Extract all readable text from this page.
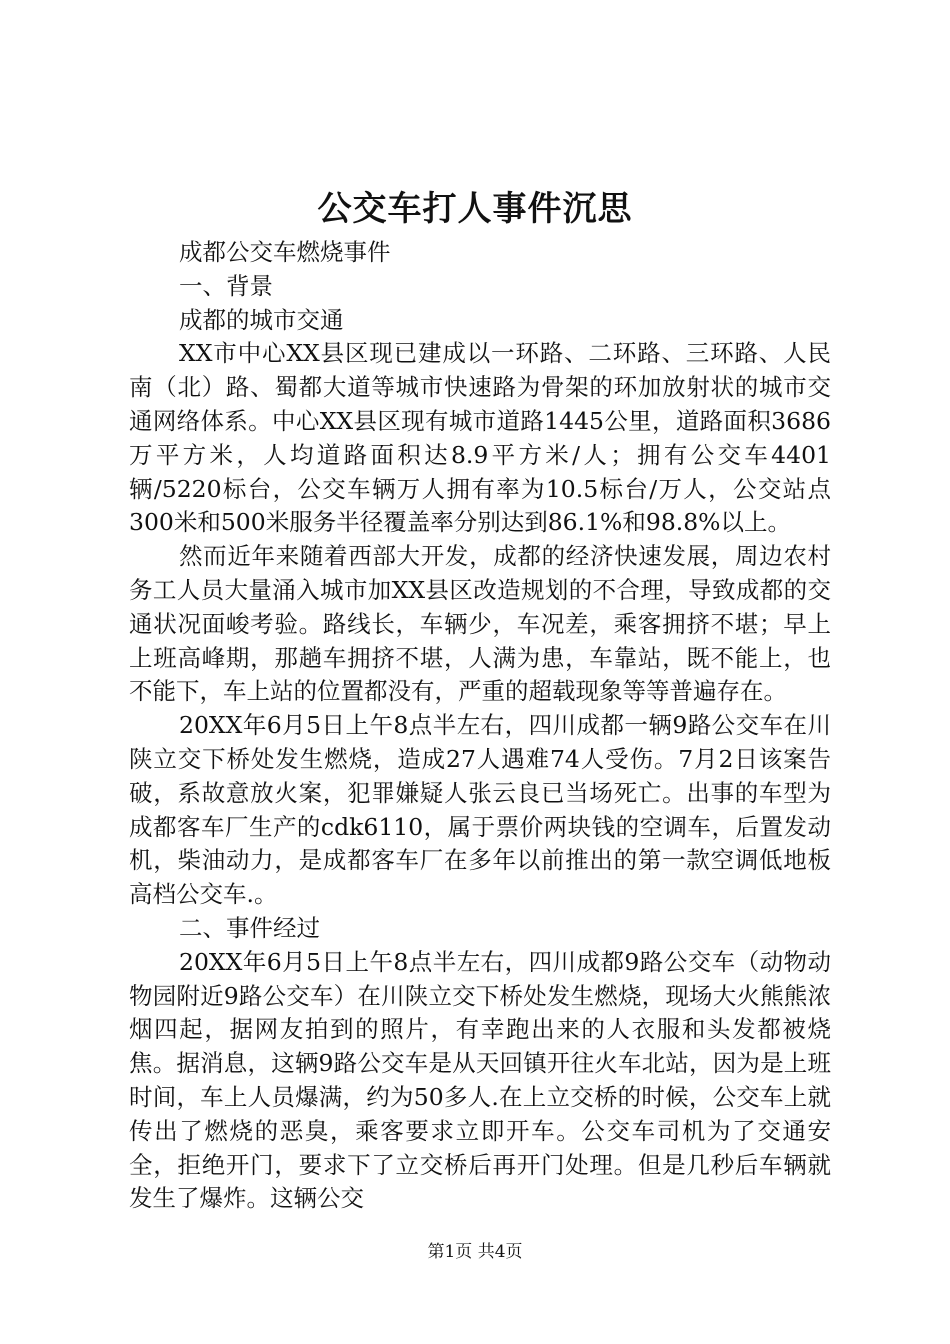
公交车打人事件沉思

成都公交车燃烧事件

一、背景

成都的城市交通

XX市中心XX县区现已建成以一环路、二环路、三环路、人民南（北）路、蜀都大道等城市快速路为骨架的环加放射状的城市交通网络体系。中心XX县区现有城市道路1445公里，道路面积3686万平方米，人均道路面积达8.9平方米/人；拥有公交车4401辆/5220标台，公交车辆万人拥有率为10.5标台/万人，公交站点300米和500米服务半径覆盖率分别达到86.1%和98.8%以上。

然而近年来随着西部大开发，成都的经济快速发展，周边农村务工人员大量涌入城市加XX县区改造规划的不合理，导致成都的交通状况面峻考验。路线长，车辆少，车况差，乘客拥挤不堪；早上上班高峰期，那趟车拥挤不堪，人满为患，车靠站，既不能上，也不能下，车上站的位置都没有，严重的超载现象等等普遍存在。

20XX年6月5日上午8点半左右，四川成都一辆9路公交车在川陕立交下桥处发生燃烧，造成27人遇难74人受伤。7月2日该案告破，系故意放火案，犯罪嫌疑人张云良已当场死亡。出事的车型为成都客车厂生产的cdk6110，属于票价两块钱的空调车，后置发动机，柴油动力，是成都客车厂在多年以前推出的第一款空调低地板高档公交车.。

二、事件经过

20XX年6月5日上午8点半左右，四川成都9路公交车（动物动物园附近9路公交车）在川陕立交下桥处发生燃烧，现场大火熊熊浓烟四起，据网友拍到的照片，有幸跑出来的人衣服和头发都被烧焦。据消息，这辆9路公交车是从天回镇开往火车北站，因为是上班时间，车上人员爆满，约为50多人.在上立交桥的时候，公交车上就传出了燃烧的恶臭，乘客要求立即开车。公交车司机为了交通安全，拒绝开门，要求下了立交桥后再开门处理。但是几秒后车辆就发生了爆炸。这辆公交

第1页 共4页
